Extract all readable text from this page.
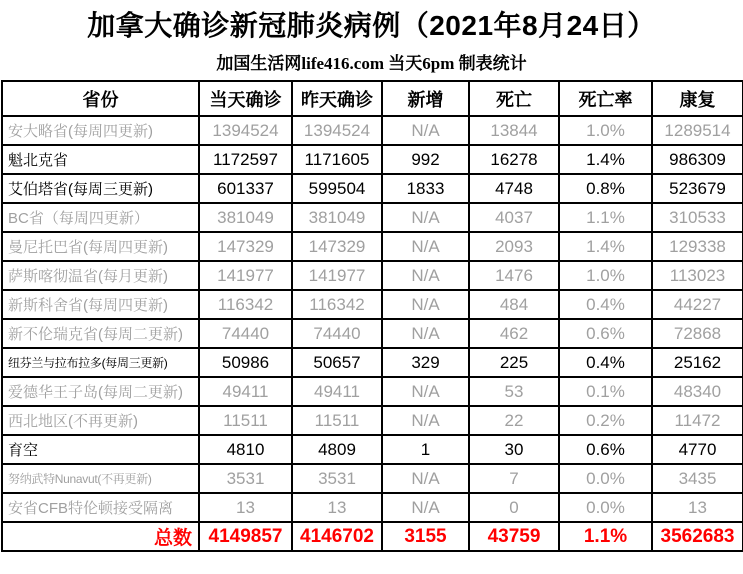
加拿大确诊新冠肺炎病例（2021年8月24日）
加国生活网life416.com 当天6pm 制表统计
省份	当天确诊	昨天确诊	新增	死亡	死亡率	康复
安大略省(每周四更新)	1394524	1394524	N/A	13844	1.0%	1289514
魁北克省	1172597	1171605	992	16278	1.4%	986309
艾伯塔省(每周三更新)	601337	599504	1833	4748	0.8%	523679
BC省（每周四更新）	381049	381049	N/A	4037	1.1%	310533
曼尼托巴省(每周四更新)	147329	147329	N/A	2093	1.4%	129338
萨斯喀彻温省(每月更新)	141977	141977	N/A	1476	1.0%	113023
新斯科舍省(每周四更新)	116342	116342	N/A	484	0.4%	44227
新不伦瑞克省(每周二更新)	74440	74440	N/A	462	0.6%	72868
纽芬兰与拉布拉多(每周三更新)	50986	50657	329	225	0.4%	25162
爱德华王子岛(每周二更新)	49411	49411	N/A	53	0.1%	48340
西北地区(不再更新)	11511	11511	N/A	22	0.2%	11472
育空	4810	4809	1	30	0.6%	4770
努纳武特Nunavut(不再更新)	3531	3531	N/A	7	0.0%	3435
安省CFB特伦顿接受隔离	13	13	N/A	0	0.0%	13
总数	4149857	4146702	3155	43759	1.1%	3562683
